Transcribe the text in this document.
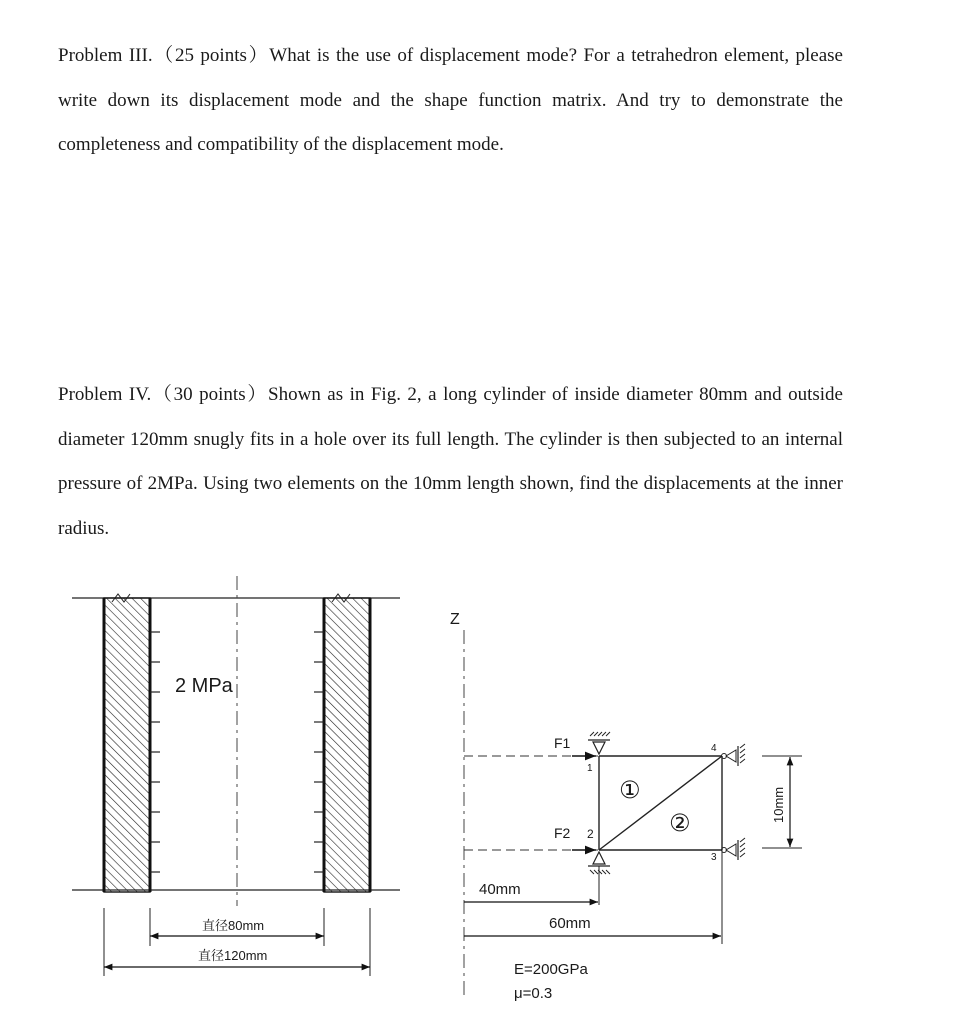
Problem III.（25 points）What is the use of displacement mode? For a tetrahedron element, please write down its displacement mode and the shape function matrix. And try to demonstrate the completeness and compatibility of the displacement mode.

Problem IV.（30 points）Shown as in Fig. 2, a long cylinder of inside diameter 80mm and outside diameter 120mm snugly fits in a hole over its full length. The cylinder is then subjected to an internal pressure of 2MPa. Using two elements on the 10mm length shown, find the displacements at the inner radius.

2 MPa
直径80mm
直径120mm
Z
F1
F2
1
2
3
4
①
②
40mm
60mm
10mm
E=200GPa
μ=0.3
